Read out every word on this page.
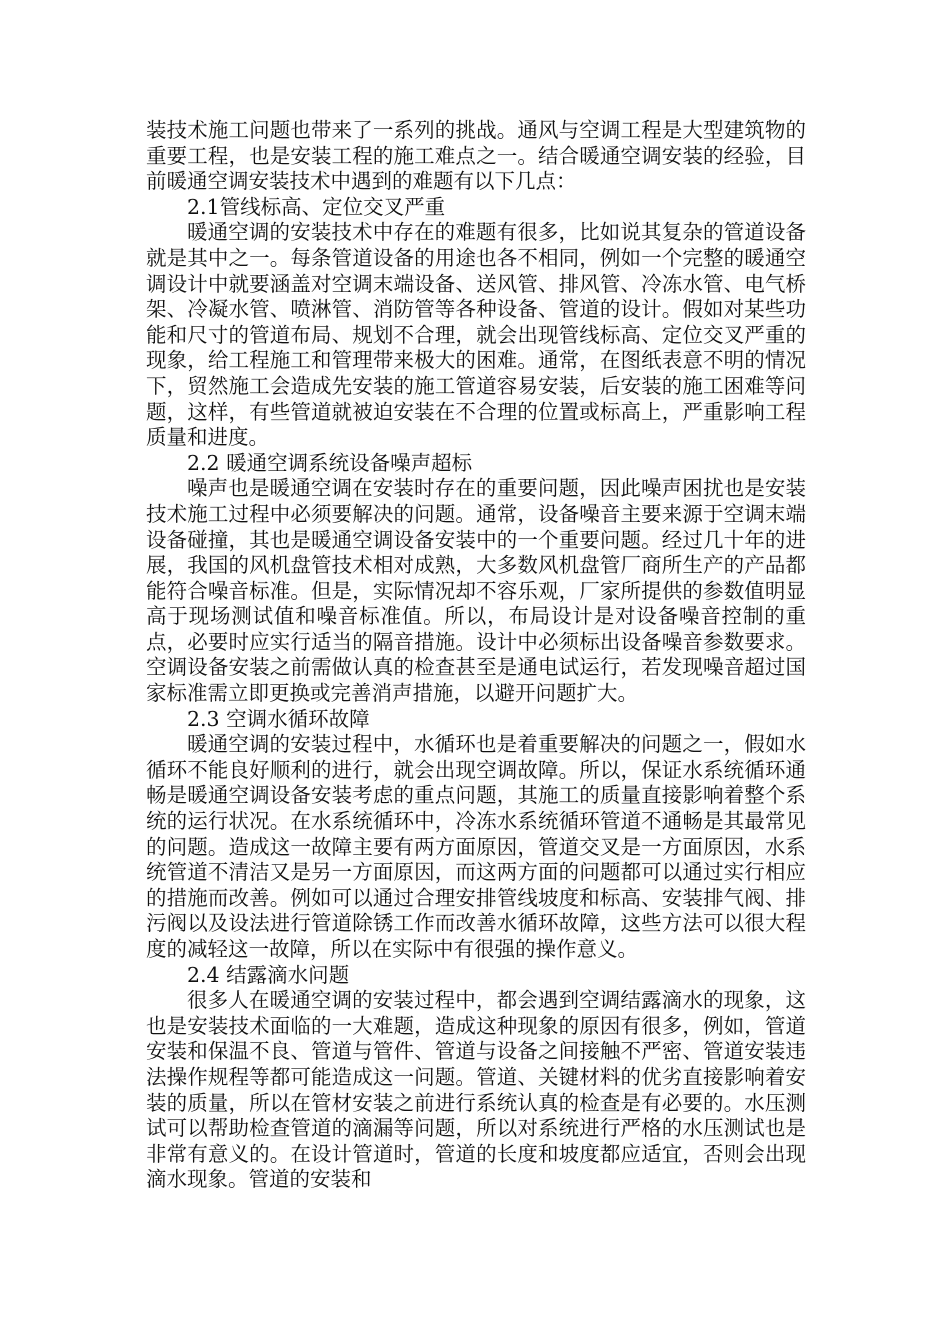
装技术施工问题也带来了一系列的挑战。通风与空调工程是大型建筑物的重要工程，也是安装工程的施工难点之一。结合暖通空调安装的经验，目前暖通空调安装技术中遇到的难题有以下几点：

2.1管线标高、定位交叉严重

暖通空调的安装技术中存在的难题有很多，比如说其复杂的管道设备就是其中之一。每条管道设备的用途也各不相同，例如一个完整的暖通空调设计中就要涵盖对空调末端设备、送风管、排风管、冷冻水管、电气桥架、冷凝水管、喷淋管、消防管等各种设备、管道的设计。假如对某些功能和尺寸的管道布局、规划不合理，就会出现管线标高、定位交叉严重的现象，给工程施工和管理带来极大的困难。通常，在图纸表意不明的情况下，贸然施工会造成先安装的施工管道容易安装，后安装的施工困难等问题，这样，有些管道就被迫安装在不合理的位置或标高上，严重影响工程质量和进度。

2.2 暖通空调系统设备噪声超标

噪声也是暖通空调在安装时存在的重要问题，因此噪声困扰也是安装技术施工过程中必须要解决的问题。通常，设备噪音主要来源于空调末端设备碰撞，其也是暖通空调设备安装中的一个重要问题。经过几十年的进展，我国的风机盘管技术相对成熟，大多数风机盘管厂商所生产的产品都能符合噪音标准。但是，实际情况却不容乐观，厂家所提供的参数值明显高于现场测试值和噪音标准值。所以，布局设计是对设备噪音控制的重点，必要时应实行适当的隔音措施。设计中必须标出设备噪音参数要求。空调设备安装之前需做认真的检查甚至是通电试运行，若发现噪音超过国家标准需立即更换或完善消声措施，以避开问题扩大。

2.3 空调水循环故障

暖通空调的安装过程中，水循环也是着重要解决的问题之一，假如水循环不能良好顺利的进行，就会出现空调故障。所以，保证水系统循环通畅是暖通空调设备安装考虑的重点问题，其施工的质量直接影响着整个系统的运行状况。在水系统循环中，冷冻水系统循环管道不通畅是其最常见的问题。造成这一故障主要有两方面原因，管道交叉是一方面原因，水系统管道不清洁又是另一方面原因，而这两方面的问题都可以通过实行相应的措施而改善。例如可以通过合理安排管线坡度和标高、安装排气阀、排污阀以及设法进行管道除锈工作而改善水循环故障，这些方法可以很大程度的减轻这一故障，所以在实际中有很强的操作意义。

2.4 结露滴水问题

很多人在暖通空调的安装过程中，都会遇到空调结露滴水的现象，这也是安装技术面临的一大难题，造成这种现象的原因有很多，例如，管道安装和保温不良、管道与管件、管道与设备之间接触不严密、管道安装违法操作规程等都可能造成这一问题。管道、关键材料的优劣直接影响着安装的质量，所以在管材安装之前进行系统认真的检查是有必要的。水压测试可以帮助检查管道的滴漏等问题，所以对系统进行严格的水压测试也是非常有意义的。在设计管道时，管道的长度和坡度都应适宜，否则会出现滴水现象。管道的安装和
